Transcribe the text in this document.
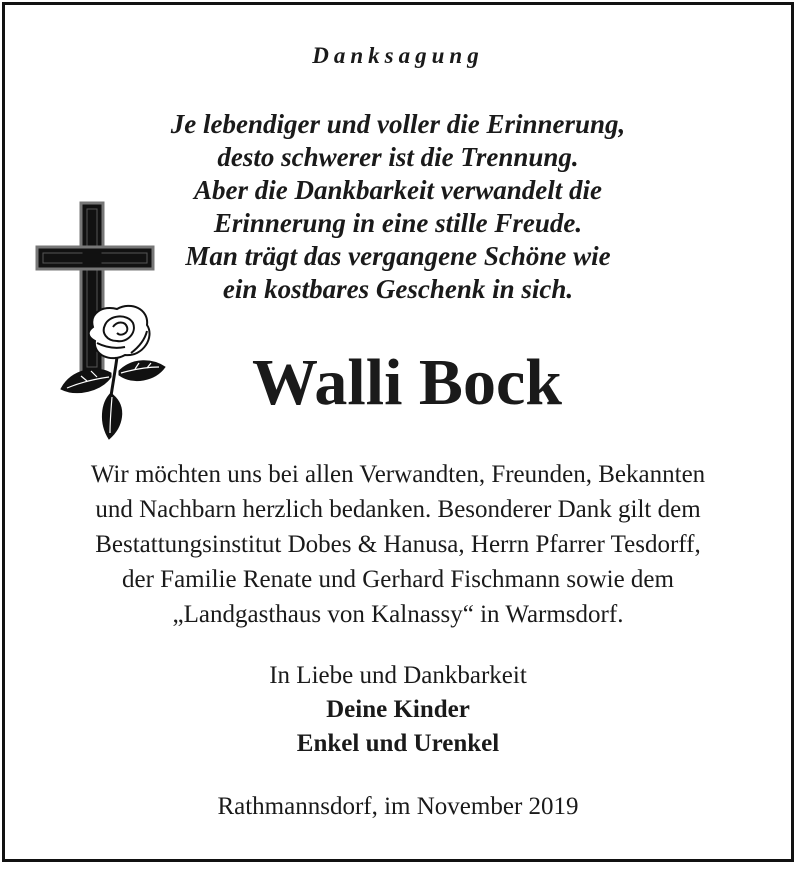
Danksagung
Je lebendiger und voller die Erinnerung,
desto schwerer ist die Trennung.
Aber die Dankbarkeit verwandelt die
Erinnerung in eine stille Freude.
Man trägt das vergangene Schöne wie
ein kostbares Geschenk in sich.
Walli Bock
Wir möchten uns bei allen Verwandten, Freunden, Bekannten
und Nachbarn herzlich bedanken. Besonderer Dank gilt dem
Bestattungsinstitut Dobes & Hanusa, Herrn Pfarrer Tesdorff,
der Familie Renate und Gerhard Fischmann sowie dem
„Landgasthaus von Kalnassy“ in Warmsdorf.
In Liebe und Dankbarkeit
Deine Kinder
Enkel und Urenkel
Rathmannsdorf, im November 2019
